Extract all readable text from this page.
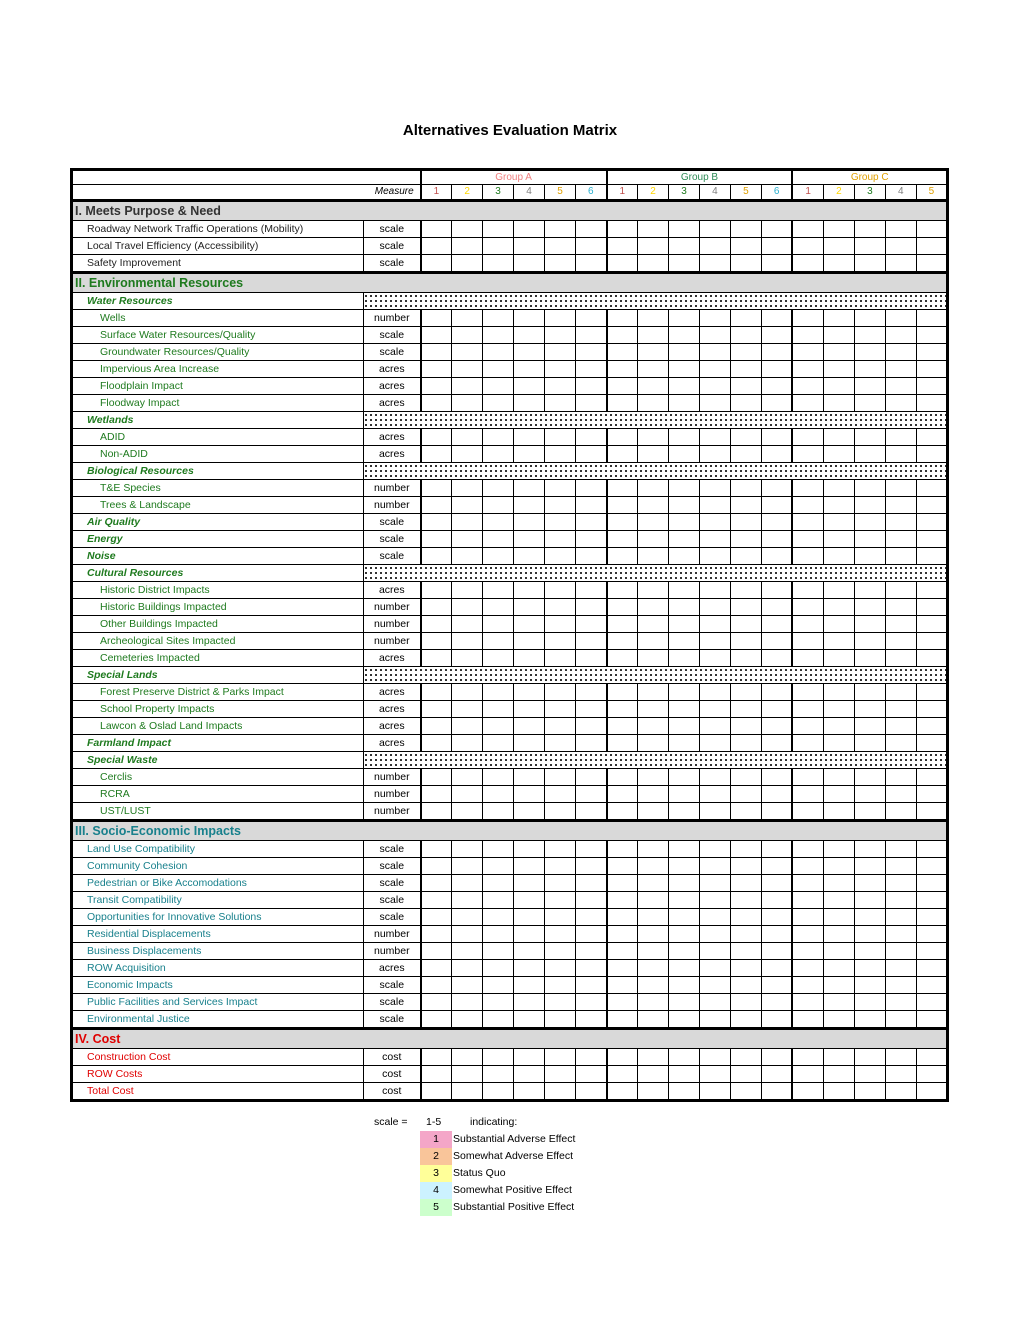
Alternatives Evaluation Matrix
		Group A						Group B						Group C				
Measure		1	2	3	4	5	6	1	2	3	4	5	6	1	2	3	4	5
I. Meets Purpose & Need																		
Roadway Network Traffic Operations (Mobility)	scale																	
Local Travel Efficiency (Accessibility)	scale																	
Safety Improvement	scale																	
II. Environmental Resources																		
Water Resources																		
Wells	number																	
Surface Water Resources/Quality	scale																	
Groundwater Resources/Quality	scale																	
Impervious Area Increase	acres																	
Floodplain Impact	acres																	
Floodway Impact	acres																	
Wetlands																		
ADID	acres																	
Non-ADID	acres																	
Biological Resources																		
T&E Species	number																	
Trees & Landscape	number																	
Air Quality	scale																	
Energy	scale																	
Noise	scale																	
Cultural Resources																		
Historic District Impacts	acres																	
Historic Buildings Impacted	number																	
Other Buildings Impacted	number																	
Archeological Sites Impacted	number																	
Cemeteries Impacted	acres																	
Special Lands																		
Forest Preserve District & Parks Impact	acres																	
School Property Impacts	acres																	
Lawcon & Oslad Land Impacts	acres																	
Farmland Impact	acres																	
Special Waste																		
Cerclis	number																	
RCRA	number																	
UST/LUST	number																	
III. Socio-Economic Impacts																		
Land Use Compatibility	scale																	
Community Cohesion	scale																	
Pedestrian or Bike Accomodations	scale																	
Transit Compatibility	scale																	
Opportunities for Innovative Solutions	scale																	
Residential Displacements	number																	
Business Displacements	number																	
ROW Acquisition	acres																	
Economic Impacts	scale																	
Public Facilities and Services Impact	scale																	
Environmental Justice	scale																	
IV. Cost																		
Construction Cost	cost																	
ROW Costs	cost																	
Total Cost	cost																	
scale = 1-5	indicating:
1	Substantial Adverse Effect
2	Somewhat Adverse Effect
3	Status Quo
4	Somewhat Positive Effect
5	Substantial Positive Effect
